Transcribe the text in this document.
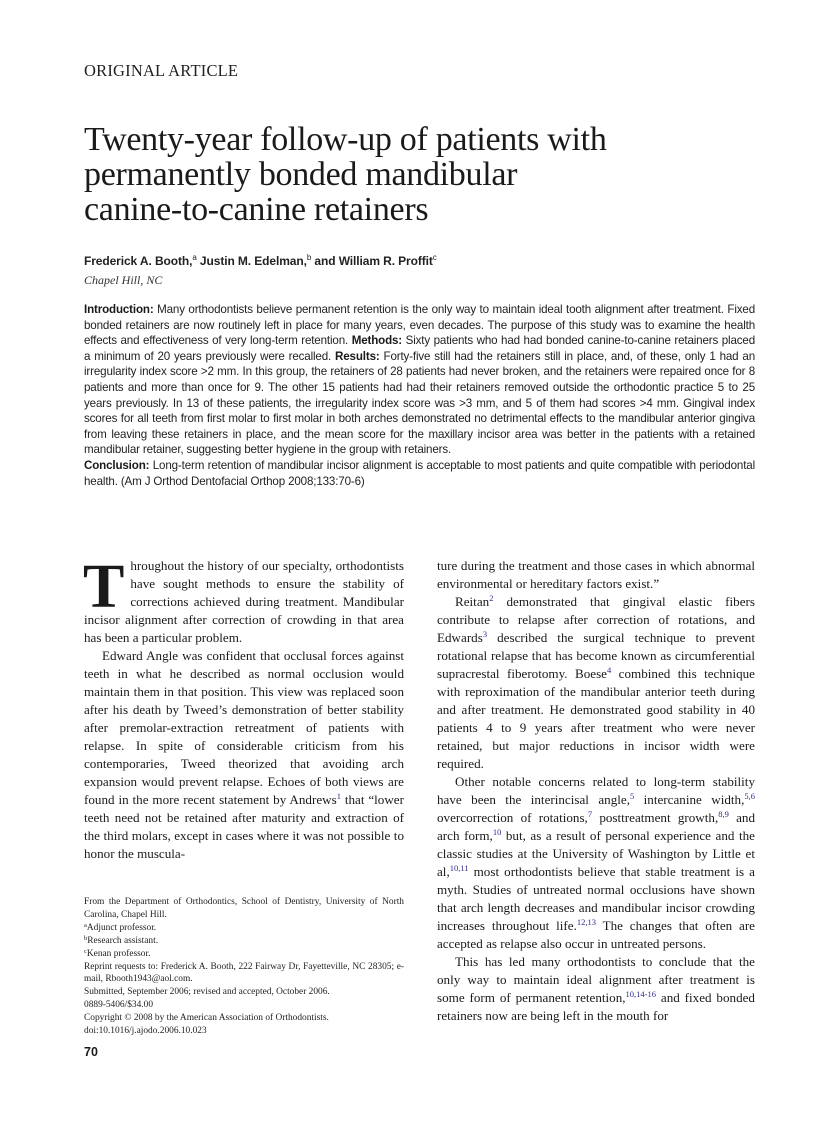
ORIGINAL ARTICLE
Twenty-year follow-up of patients with
permanently bonded mandibular
canine-to-canine retainers
Frederick A. Booth,$^a$ Justin M. Edelman,$^b$ and William R. Proffit$^c$
Chapel Hill, NC
Introduction: Many orthodontists believe permanent retention is the only way to maintain ideal tooth alignment after treatment. Fixed bonded retainers are now routinely left in place for many years, even decades. The purpose of this study was to examine the health effects and effectiveness of very long-term retention. Methods: Sixty patients who had had bonded canine-to-canine retainers placed a minimum of 20 years previously were recalled. Results: Forty-five still had the retainers still in place, and, of these, only 1 had an irregularity index score >2 mm. In this group, the retainers of 28 patients had never broken, and the retainers were repaired once for 8 patients and more than once for 9. The other 15 patients had had their retainers removed outside the orthodontic practice 5 to 25 years previously. In 13 of these patients, the irregularity index score was >3 mm, and 5 of them had scores >4 mm. Gingival index scores for all teeth from first molar to first molar in both arches demonstrated no detrimental effects to the mandibular anterior gingiva from leaving these retainers in place, and the mean score for the maxillary incisor area was better in the patients with a retained mandibular retainer, suggesting better hygiene in the group with retainers.
Conclusion: Long-term retention of mandibular incisor alignment is acceptable to most patients and quite compatible with periodontal health. (Am J Orthod Dentofacial Orthop 2008;133:70-6)

Throughout the history of our specialty, orthodontists have sought methods to ensure the stability of corrections achieved during treatment. Mandibular incisor alignment after correction of crowding in that area has been a particular problem.

Edward Angle was confident that occlusal forces against teeth in what he described as normal occlusion would maintain them in that position. This view was replaced soon after his death by Tweed’s demonstration of better stability after premolar-extraction retreatment of patients with relapse. In spite of considerable criticism from his contemporaries, Tweed theorized that avoiding arch expansion would prevent relapse. Echoes of both views are found in the more recent statement by Andrews$^1$ that “lower teeth need not be retained after maturity and extraction of the third molars, except in cases where it was not possible to honor the muscula-

ture during the treatment and those cases in which abnormal environmental or hereditary factors exist.”

Reitan$^2$ demonstrated that gingival elastic fibers contribute to relapse after correction of rotations, and Edwards$^3$ described the surgical technique to prevent rotational relapse that has become known as circumferential supracrestal fiberotomy. Boese$^4$ combined this technique with reproximation of the mandibular anterior teeth during and after treatment. He demonstrated good stability in 40 patients 4 to 9 years after treatment who were never retained, but major reductions in incisor width were required.

Other notable concerns related to long-term stability have been the interincisal angle,$^5$ intercanine width,$^{5,6}$ overcorrection of rotations,$^7$ posttreatment growth,$^{8,9}$ and arch form,$^{10}$ but, as a result of personal experience and the classic studies at the University of Washington by Little et al,$^{10,11}$ most orthodontists believe that stable treatment is a myth. Studies of untreated normal occlusions have shown that arch length decreases and mandibular incisor crowding increases throughout life.$^{12,13}$ The changes that often are accepted as relapse also occur in untreated persons.

This has led many orthodontists to conclude that the only way to maintain ideal alignment after treatment is some form of permanent retention,$^{10,14-16}$ and fixed bonded retainers now are being left in the mouth for

From the Department of Orthodontics, School of Dentistry, University of North Carolina, Chapel Hill.
$^a$Adjunct professor.
$^b$Research assistant.
$^c$Kenan professor.
Reprint requests to: Frederick A. Booth, 222 Fairway Dr, Fayetteville, NC 28305; e-mail, Rbooth1943@aol.com.
Submitted, September 2006; revised and accepted, October 2006.
0889-5406/$34.00
Copyright © 2008 by the American Association of Orthodontists.
doi:10.1016/j.ajodo.2006.10.023
70
